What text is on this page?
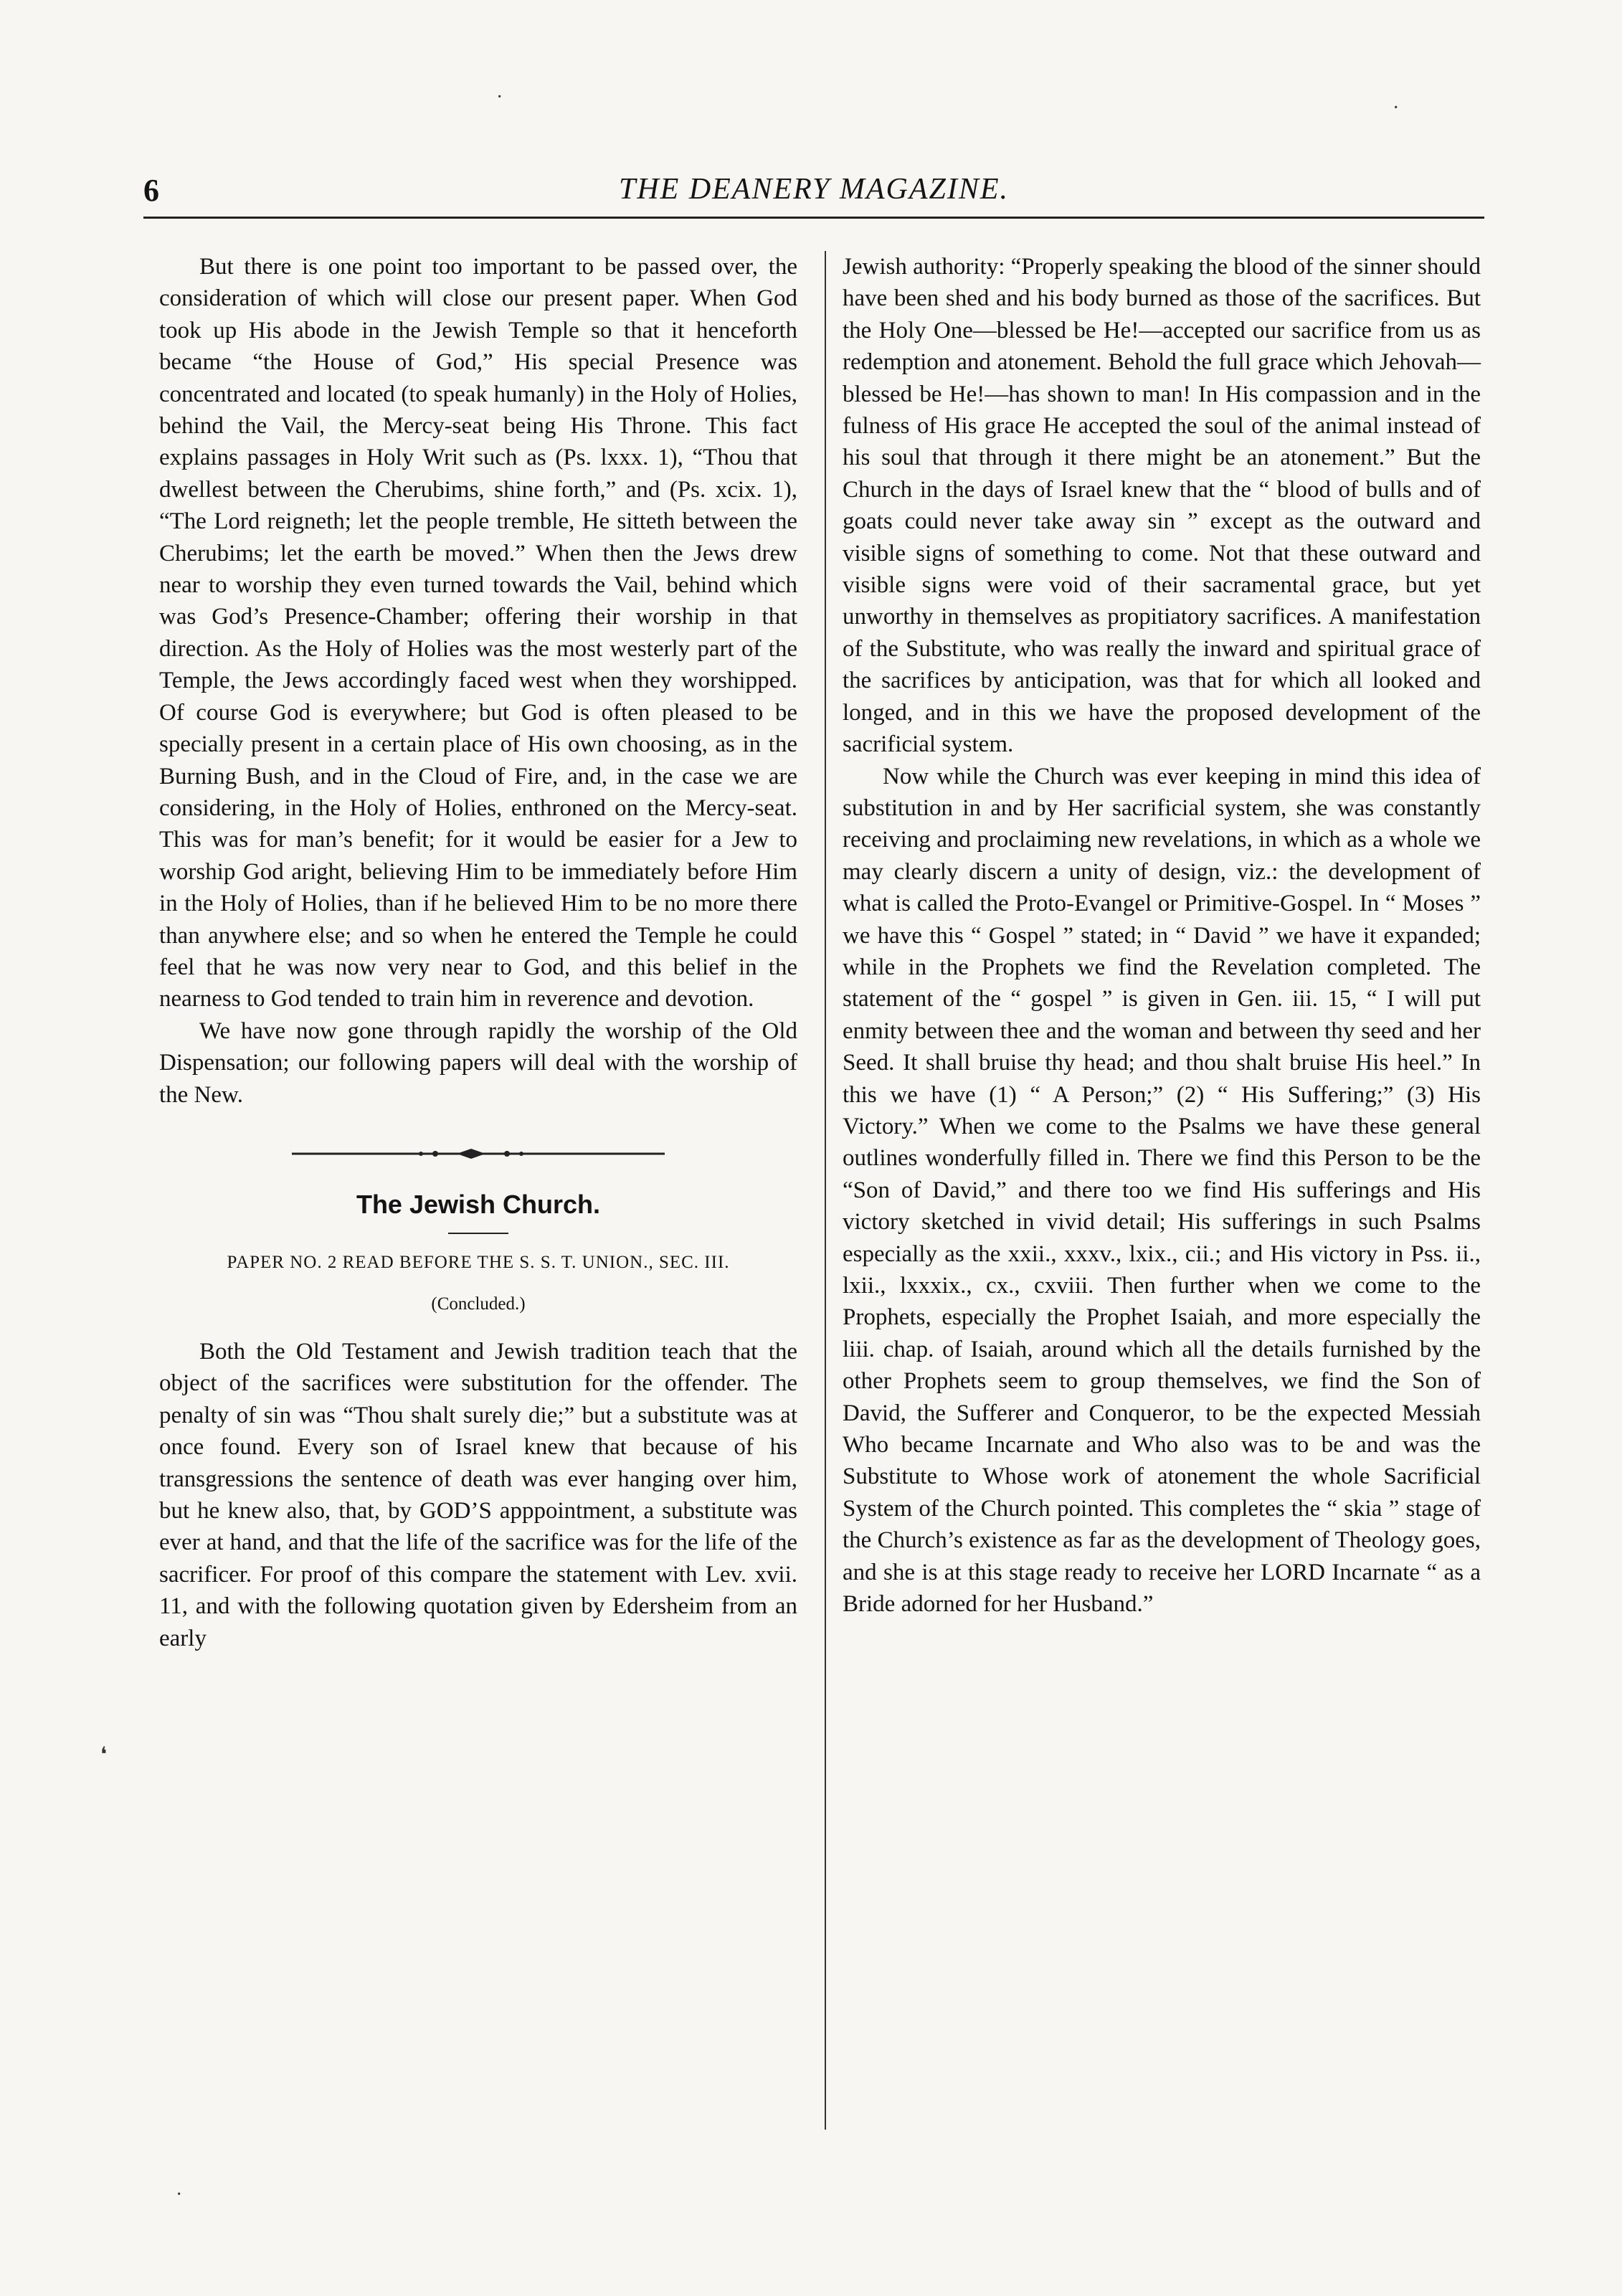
·	·
6	THE DEANERY MAGAZINE.

But there is one point too important to be passed over, the consideration of which will close our present paper. When God took up His abode in the Jewish Temple so that it henceforth became “the House of God,” His special Presence was concentrated and located (to speak humanly) in the Holy of Holies, behind the Vail, the Mercy-seat being His Throne. This fact explains passages in Holy Writ such as (Ps. lxxx. 1), “Thou that dwellest between the Cherubims, shine forth,” and (Ps. xcix. 1), “The Lord reigneth; let the people tremble, He sitteth between the Cherubims; let the earth be moved.” When then the Jews drew near to worship they even turned towards the Vail, behind which was God’s Presence-Chamber; offering their worship in that direction. As the Holy of Holies was the most westerly part of the Temple, the Jews accordingly faced west when they worshipped. Of course God is everywhere; but God is often pleased to be specially present in a certain place of His own choosing, as in the Burning Bush, and in the Cloud of Fire, and, in the case we are considering, in the Holy of Holies, enthroned on the Mercy-seat. This was for man’s benefit; for it would be easier for a Jew to worship God aright, believing Him to be immediately before Him in the Holy of Holies, than if he believed Him to be no more there than anywhere else; and so when he entered the Temple he could feel that he was now very near to God, and this belief in the nearness to God tended to train him in reverence and devotion.

We have now gone through rapidly the worship of the Old Dispensation; our following papers will deal with the worship of the New.

The Jewish Church.

PAPER NO. 2 READ BEFORE THE S. S. T. UNION., SEC. III.

(Concluded.)

Both the Old Testament and Jewish tradition teach that the object of the sacrifices were substitution for the offender. The penalty of sin was “Thou shalt surely die;” but a substitute was at once found. Every son of Israel knew that because of his transgressions the sentence of death was ever hanging over him, but he knew also, that, by GOD’S apppointment, a substitute was ever at hand, and that the life of the sacrifice was for the life of the sacrificer. For proof of this compare the statement with Lev. xvii. 11, and with the following quotation given by Edersheim from an early

Jewish authority: “Properly speaking the blood of the sinner should have been shed and his body burned as those of the sacrifices. But the Holy One—blessed be He!—accepted our sacrifice from us as redemption and atonement. Behold the full grace which Jehovah—blessed be He!—has shown to man! In His compassion and in the fulness of His grace He accepted the soul of the animal instead of his soul that through it there might be an atonement.” But the Church in the days of Israel knew that the “ blood of bulls and of goats could never take away sin ” except as the outward and visible signs of something to come. Not that these outward and visible signs were void of their sacramental grace, but yet unworthy in themselves as propitiatory sacrifices. A manifestation of the Substitute, who was really the inward and spiritual grace of the sacrifices by anticipation, was that for which all looked and longed, and in this we have the proposed development of the sacrificial system.

Now while the Church was ever keeping in mind this idea of substitution in and by Her sacrificial system, she was constantly receiving and proclaiming new revelations, in which as a whole we may clearly discern a unity of design, viz.: the development of what is called the Proto-Evangel or Primitive-Gospel. In “ Moses ” we have this “ Gospel ” stated; in “ David ” we have it expanded; while in the Prophets we find the Revelation completed. The statement of the “ gospel ” is given in Gen. iii. 15, “ I will put enmity between thee and the woman and between thy seed and her Seed. It shall bruise thy head; and thou shalt bruise His heel.” In this we have (1) “ A Person;” (2) “ His Suffering;” (3) His Victory.” When we come to the Psalms we have these general outlines wonderfully filled in. There we find this Person to be the “Son of David,” and there too we find His sufferings and His victory sketched in vivid detail; His sufferings in such Psalms especially as the xxii., xxxv., lxix., cii.; and His victory in Pss. ii., lxii., lxxxix., cx., cxviii. Then further when we come to the Prophets, especially the Prophet Isaiah, and more especially the liii. chap. of Isaiah, around which all the details furnished by the other Prophets seem to group themselves, we find the Son of David, the Sufferer and Conqueror, to be the expected Messiah Who became Incarnate and Who also was to be and was the Substitute to Whose work of atonement the whole Sacrificial System of the Church pointed. This completes the “ skia ” stage of the Church’s existence as far as the development of Theology goes, and she is at this stage ready to receive her LORD Incarnate “ as a Bride adorned for her Husband.”

❛
·
